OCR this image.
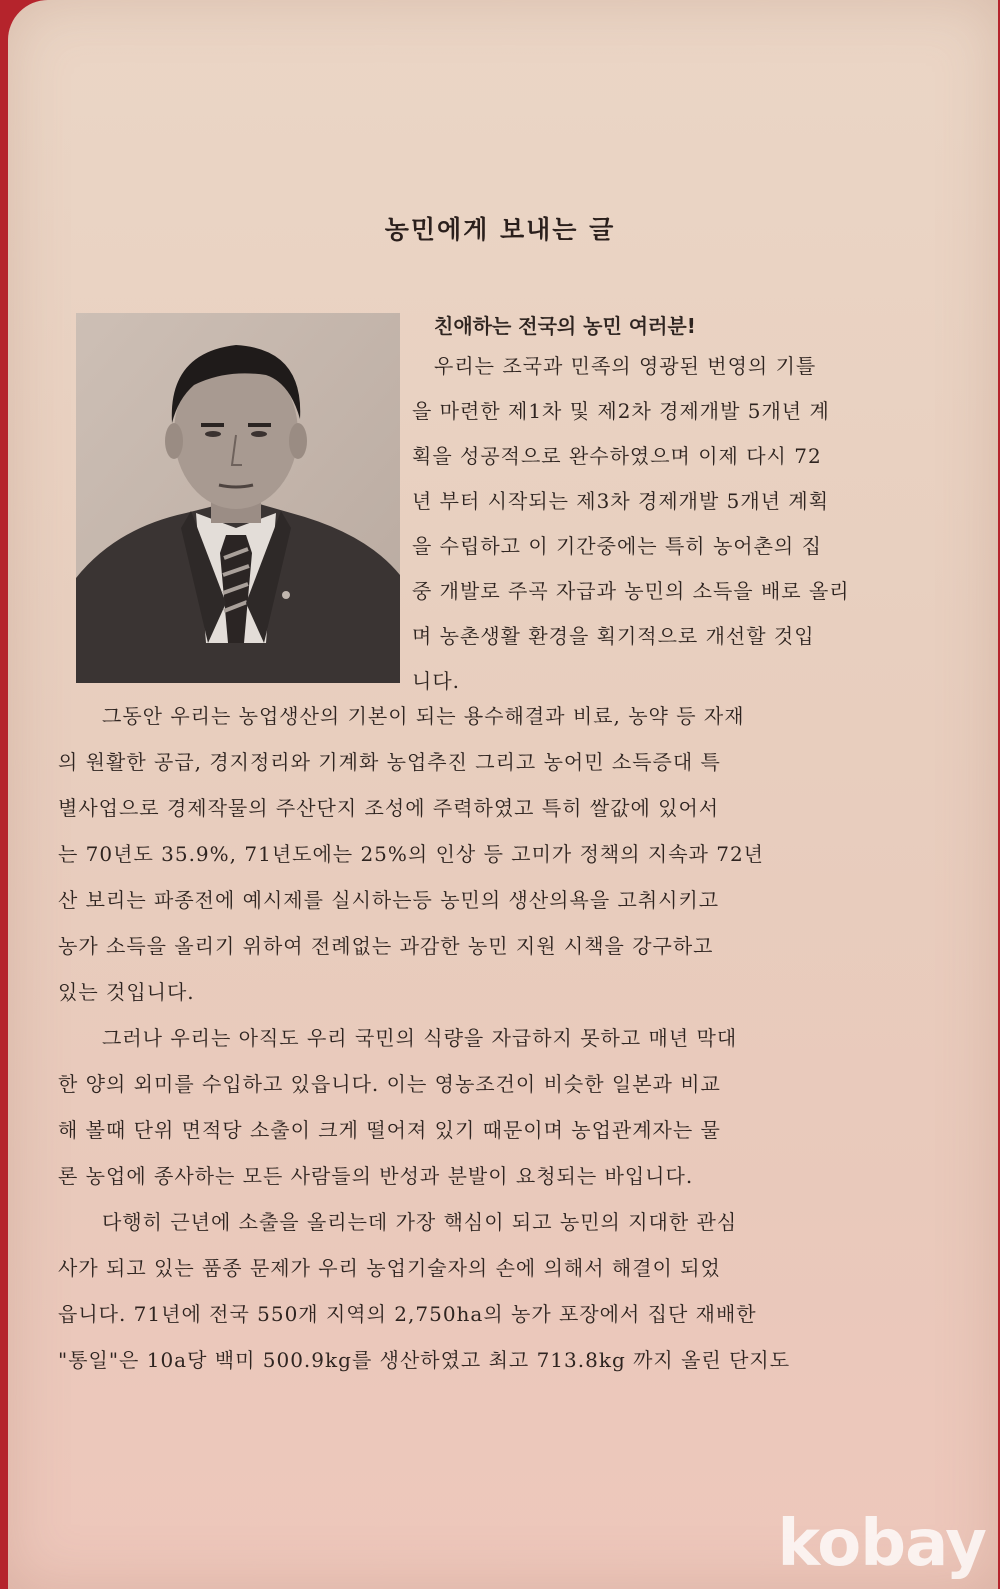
농민에게 보내는 글
친애하는 전국의 농민 여러분!
우리는 조국과 민족의 영광된 번영의 기틀
을 마련한 제1차 및 제2차 경제개발 5개년 계
획을 성공적으로 완수하였으며 이제 다시 72
년 부터 시작되는 제3차 경제개발 5개년 계획
을 수립하고 이 기간중에는 특히 농어촌의 집
중 개발로 주곡 자급과 농민의 소득을 배로 올리
며 농촌생활 환경을 획기적으로 개선할 것입
니다.
그동안 우리는 농업생산의 기본이 되는 용수해결과 비료, 농약 등 자재
의 원활한 공급, 경지정리와 기계화 농업추진 그리고 농어민 소득증대 특
별사업으로 경제작물의 주산단지 조성에 주력하였고 특히 쌀값에 있어서
는 70년도 35.9%, 71년도에는 25%의 인상 등 고미가 정책의 지속과 72년
산 보리는 파종전에 예시제를 실시하는등 농민의 생산의욕을 고취시키고
농가 소득을 올리기 위하여 전례없는 과감한 농민 지원 시책을 강구하고
있는 것입니다.
그러나 우리는 아직도 우리 국민의 식량을 자급하지 못하고 매년 막대
한 양의 외미를 수입하고 있읍니다. 이는 영농조건이 비슷한 일본과 비교
해 볼때 단위 면적당 소출이 크게 떨어져 있기 때문이며 농업관계자는 물
론 농업에 종사하는 모든 사람들의 반성과 분발이 요청되는 바입니다.
다행히 근년에 소출을 올리는데 가장 핵심이 되고 농민의 지대한 관심
사가 되고 있는 품종 문제가 우리 농업기술자의 손에 의해서 해결이 되었
읍니다. 71년에 전국 550개 지역의 2,750ha의 농가 포장에서 집단 재배한
"통일"은 10a당 백미 500.9kg를 생산하였고 최고 713.8kg 까지 올린 단지도
kobay
